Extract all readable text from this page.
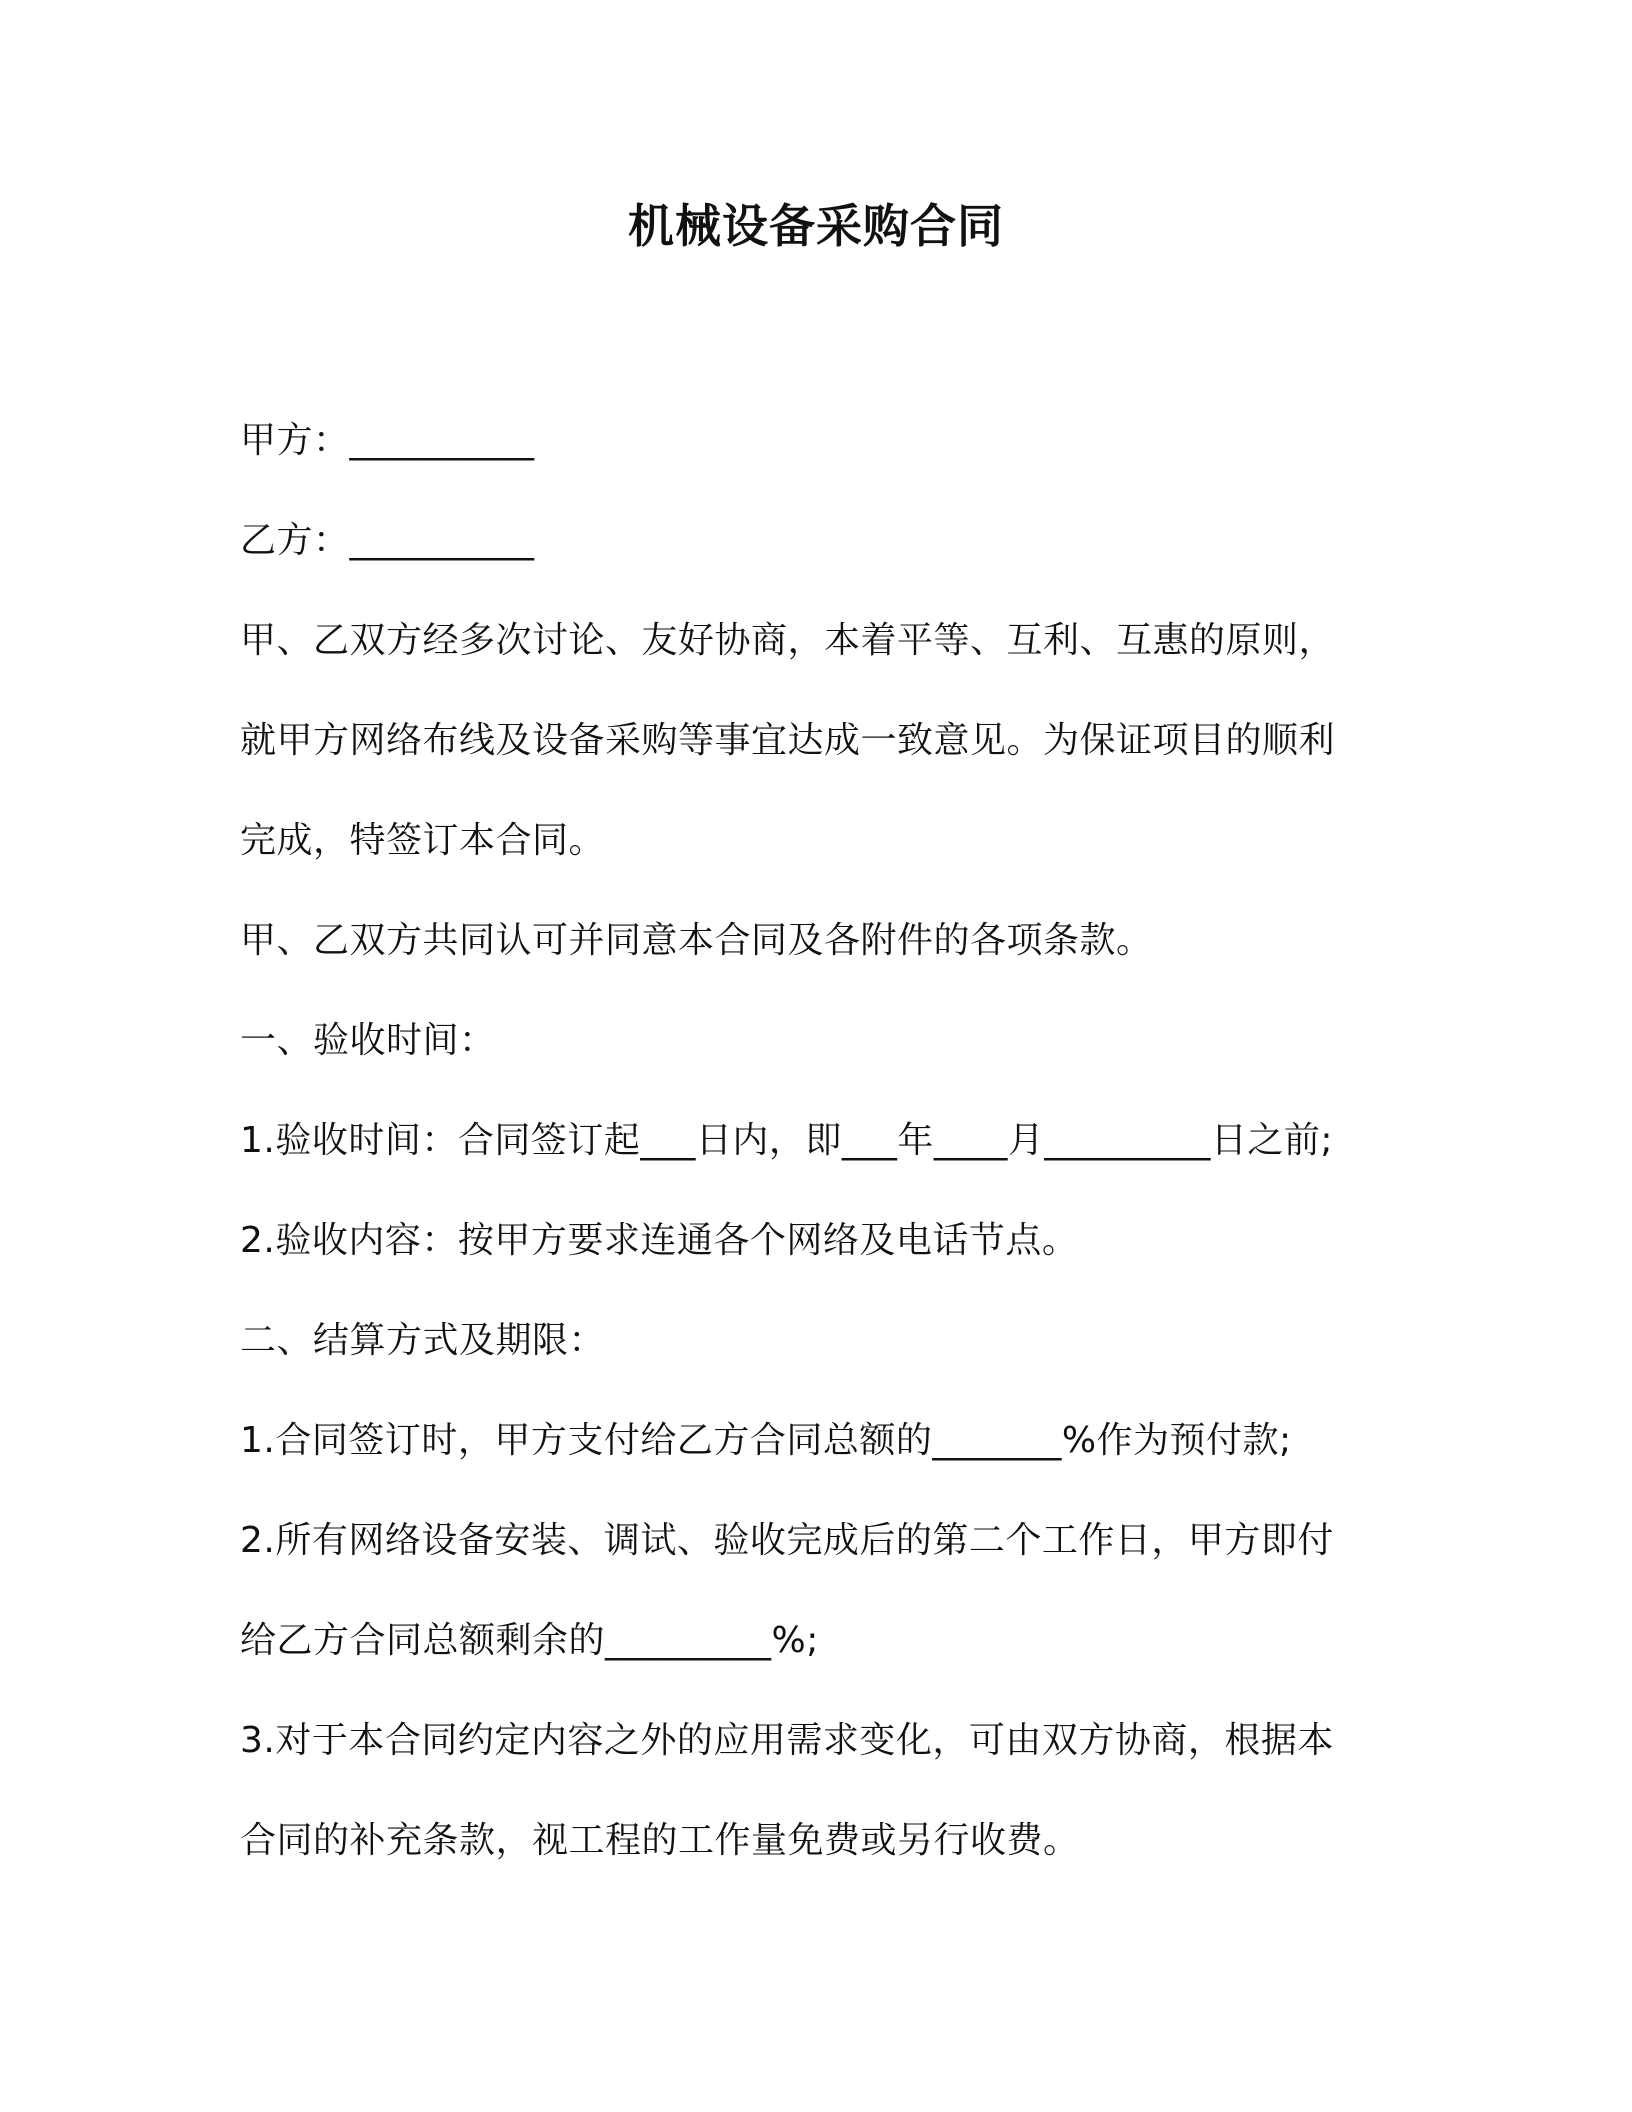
机械设备采购合同
甲方：__________
乙方：__________
甲、乙双方经多次讨论、友好协商，本着平等、互利、互惠的原则，
就甲方网络布线及设备采购等事宜达成一致意见。为保证项目的顺利
完成，特签订本合同。
甲、乙双方共同认可并同意本合同及各附件的各项条款。
一、验收时间：
1.验收时间：合同签订起___日内，即___年____月_________日之前;
2.验收内容：按甲方要求连通各个网络及电话节点。
二、结算方式及期限：
1.合同签订时，甲方支付给乙方合同总额的_______%作为预付款;
2.所有网络设备安装、调试、验收完成后的第二个工作日，甲方即付
给乙方合同总额剩余的_________%;
3.对于本合同约定内容之外的应用需求变化，可由双方协商，根据本
合同的补充条款，视工程的工作量免费或另行收费。
